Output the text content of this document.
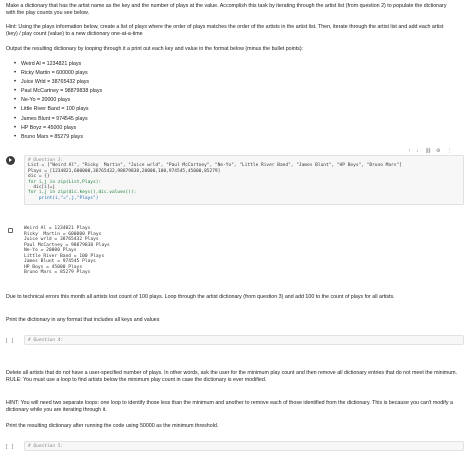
Make a dictionary that has the artist name as the key and the number of plays at the value. Accomplish this task by iterating through the artist list (from question 2) to populate the dictionary with the play counts you see below.
Hint: Using the plays information below, create a list of plays where the order of plays matches the order of the artists in the artist list. Then, iterate through the artist list and add each artist (key) / play count (value) to a new dictionary one-at-a-time
Output the resulting dictionary by looping through it a print out each key and value in the format below (minus the bullet points):
• Weird Al = 1234821 plays
• Ricky Martin = 600000 plays
• Juice Wrld = 38765432 plays
• Paul McCartney = 98879838 plays
• Ne-Yo = 20000 plays
• Little River Band = 100 plays
• James Blunt = 974545 plays
• HP Boyz = 45000 plays
• Bruno Mars = 85279 plays
↑ ↓ ⛓ ⚙ ⋮
# Question 3:
List = ["Weird Al", "Ricky  Martin", "Juice wrld", "Paul McCartney", "Ne-Yo", "Little River Band", "James Blunt", "HP Boys", "Bruno Mars"]
Plays = [1234821,600000,38765432,98879838,20000,100,974545,45000,85279]
dic = {}
for i,j in zip(List,Plays):
dic[i]=j
for i,j in zip(dic.keys(),dic.values()):
print(i,"=",j,"Plays")
Weird Al = 1234821 Plays
Ricky  Martin = 600000 Plays
Juice wrld = 38765432 Plays
Paul McCartney = 98879838 Plays
Ne-Yo = 20000 Plays
Little River Band = 100 Plays
James Blunt = 974545 Plays
HP Boys = 45000 Plays
Bruno Mars = 85279 Plays
Due to technical errors this month all artists lost count of 100 plays. Loop through the artist dictionary (from question 3) and add 100 to the count of plays for all artists.
Print the dictionary in any format that includes all keys and values
[ ]	# Question 4:
Delete all artists that do not have a user-specified number of plays. In other words, ask the user for the minimum play count and then remove all dictionary entries that do not meet the minimum. RULE: You must use a loop to find artists below the minimum play count in case the dictionary is ever modified.
HINT: You will need two separate loops: one loop to identify those less than the minimum and another to remove each of those identified from the dictionary. This is because you can't modify a dictionary while you are iterating through it.
Print the resulting dictionary after running the code using 50000 as the minimum threshold.
[ ]	# Question 5:
